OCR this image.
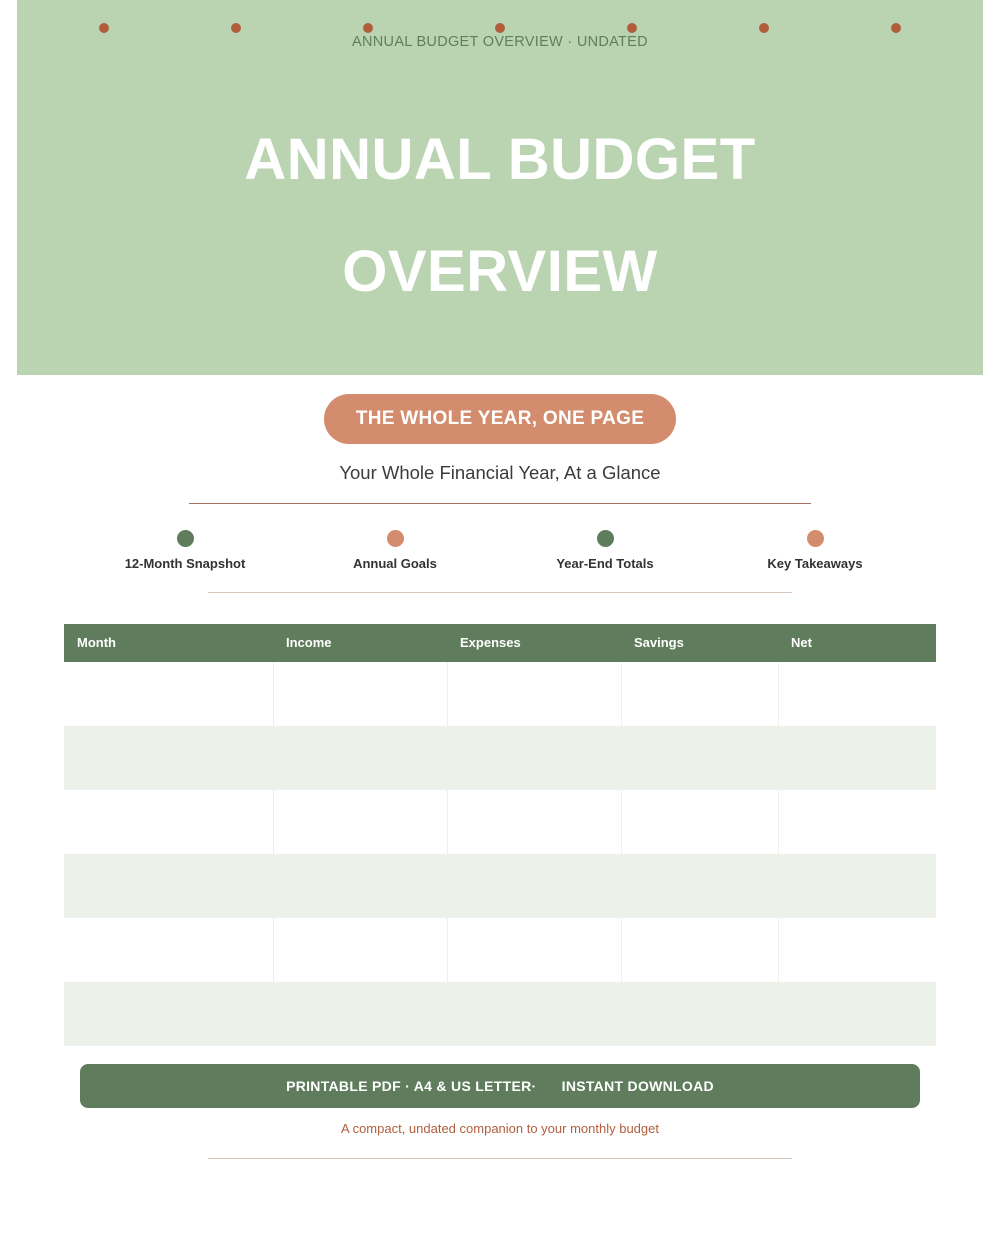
ANNUAL BUDGET OVERVIEW · UNDATED
ANNUAL BUDGET
OVERVIEW
THE WHOLE YEAR, ONE PAGE
Your Whole Financial Year, At a Glance
12-Month Snapshot	Annual Goals	Year-End Totals	Key Takeaways
Month	Income	Expenses	Savings	Net
PRINTABLE PDF · A4 & US LETTER· INSTANT DOWNLOAD
A compact, undated companion to your monthly budget
